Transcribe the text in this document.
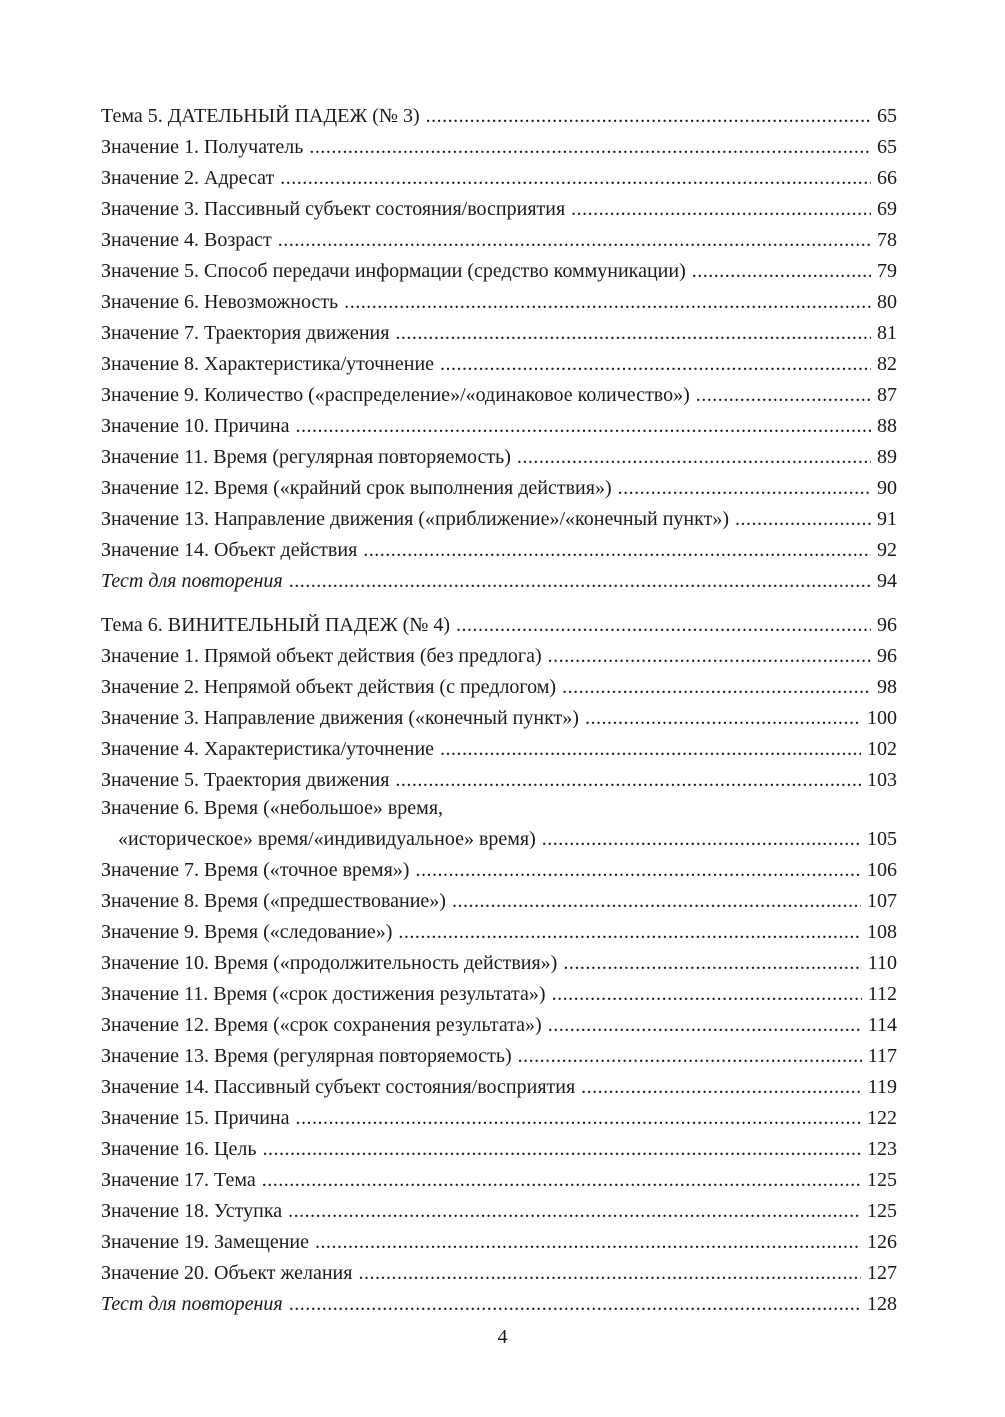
Тема 5. ДАТЕЛЬНЫЙ ПАДЕЖ (№ 3) .....	65
Значение 1. Получатель .....	65
Значение 2. Адресат .....	66
Значение 3. Пассивный субъект состояния/восприятия .....	69
Значение 4. Возраст .....	78
Значение 5. Способ передачи информации (средство коммуникации) .....	79
Значение 6. Невозможность .....	80
Значение 7. Траектория движения .....	81
Значение 8. Характеристика/уточнение .....	82
Значение 9. Количество («распределение»/«одинаковое количество») .....	87
Значение 10. Причина .....	88
Значение 11. Время (регулярная повторяемость) .....	89
Значение 12. Время («крайний срок выполнения действия») .....	90
Значение 13. Направление движения («приближение»/«конечный пункт») .....	91
Значение 14. Объект действия .....	92
Тест для повторения .....	94
Тема 6. ВИНИТЕЛЬНЫЙ ПАДЕЖ (№ 4) .....	96
Значение 1. Прямой объект действия (без предлога) .....	96
Значение 2. Непрямой объект действия (с предлогом) .....	98
Значение 3. Направление движения («конечный пункт») .....	100
Значение 4. Характеристика/уточнение .....	102
Значение 5. Траектория движения .....	103
Значение 6. Время («небольшое» время,
«историческое» время/«индивидуальное» время) .....	105
Значение 7. Время («точное время») .....	106
Значение 8. Время («предшествование») .....	107
Значение 9. Время («следование») .....	108
Значение 10. Время («продолжительность действия») .....	110
Значение 11. Время («срок достижения результата») .....	112
Значение 12. Время («срок сохранения результата») .....	114
Значение 13. Время (регулярная повторяемость) .....	117
Значение 14. Пассивный субъект состояния/восприятия .....	119
Значение 15. Причина .....	122
Значение 16. Цель .....	123
Значение 17. Тема .....	125
Значение 18. Уступка .....	125
Значение 19. Замещение .....	126
Значение 20. Объект желания .....	127
Тест для повторения .....	128
4
